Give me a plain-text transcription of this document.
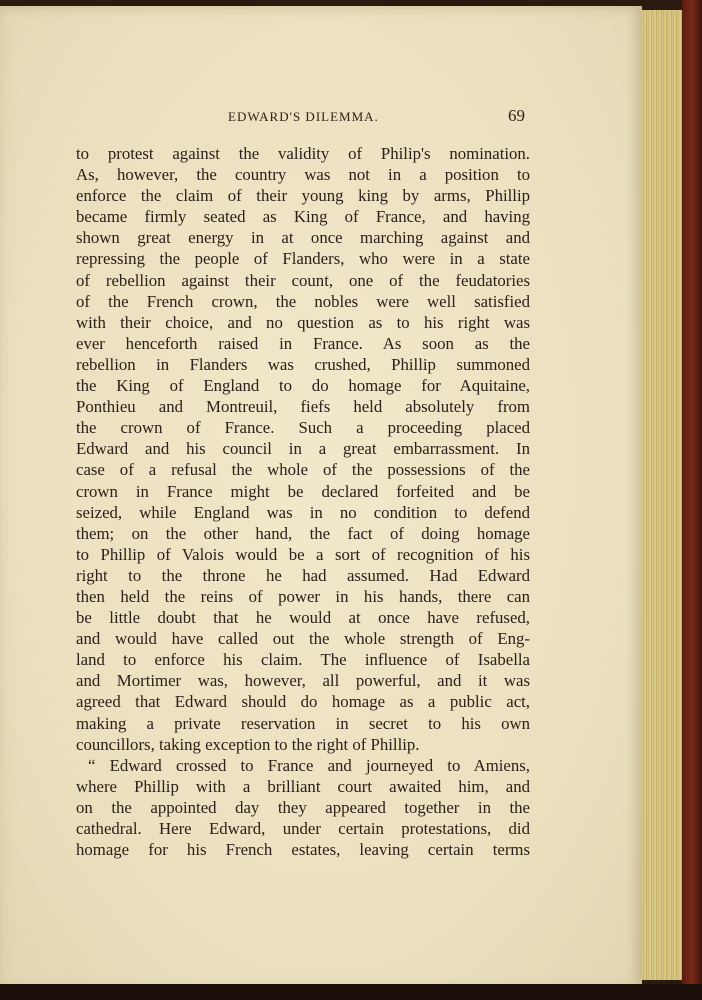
EDWARD'S DILEMMA.	69
to protest against the validity of Philip's nomination.
As, however, the country was not in a position to
enforce the claim of their young king by arms, Phillip
became firmly seated as King of France, and having
shown great energy in at once marching against and
repressing the people of Flanders, who were in a state
of rebellion against their count, one of the feudatories
of the French crown, the nobles were well satisfied
with their choice, and no question as to his right was
ever henceforth raised in France. As soon as the
rebellion in Flanders was crushed, Phillip summoned
the King of England to do homage for Aquitaine,
Ponthieu and Montreuil, fiefs held absolutely from
the crown of France. Such a proceeding placed
Edward and his council in a great embarrassment. In
case of a refusal the whole of the possessions of the
crown in France might be declared forfeited and be
seized, while England was in no condition to defend
them; on the other hand, the fact of doing homage
to Phillip of Valois would be a sort of recognition of his
right to the throne he had assumed. Had Edward
then held the reins of power in his hands, there can
be little doubt that he would at once have refused,
and would have called out the whole strength of Eng-
land to enforce his claim. The influence of Isabella
and Mortimer was, however, all powerful, and it was
agreed that Edward should do homage as a public act,
making a private reservation in secret to his own
councillors, taking exception to the right of Phillip.
“ Edward crossed to France and journeyed to Amiens,
where Phillip with a brilliant court awaited him, and
on the appointed day they appeared together in the
cathedral. Here Edward, under certain protestations, did
homage for his French estates, leaving certain terms
